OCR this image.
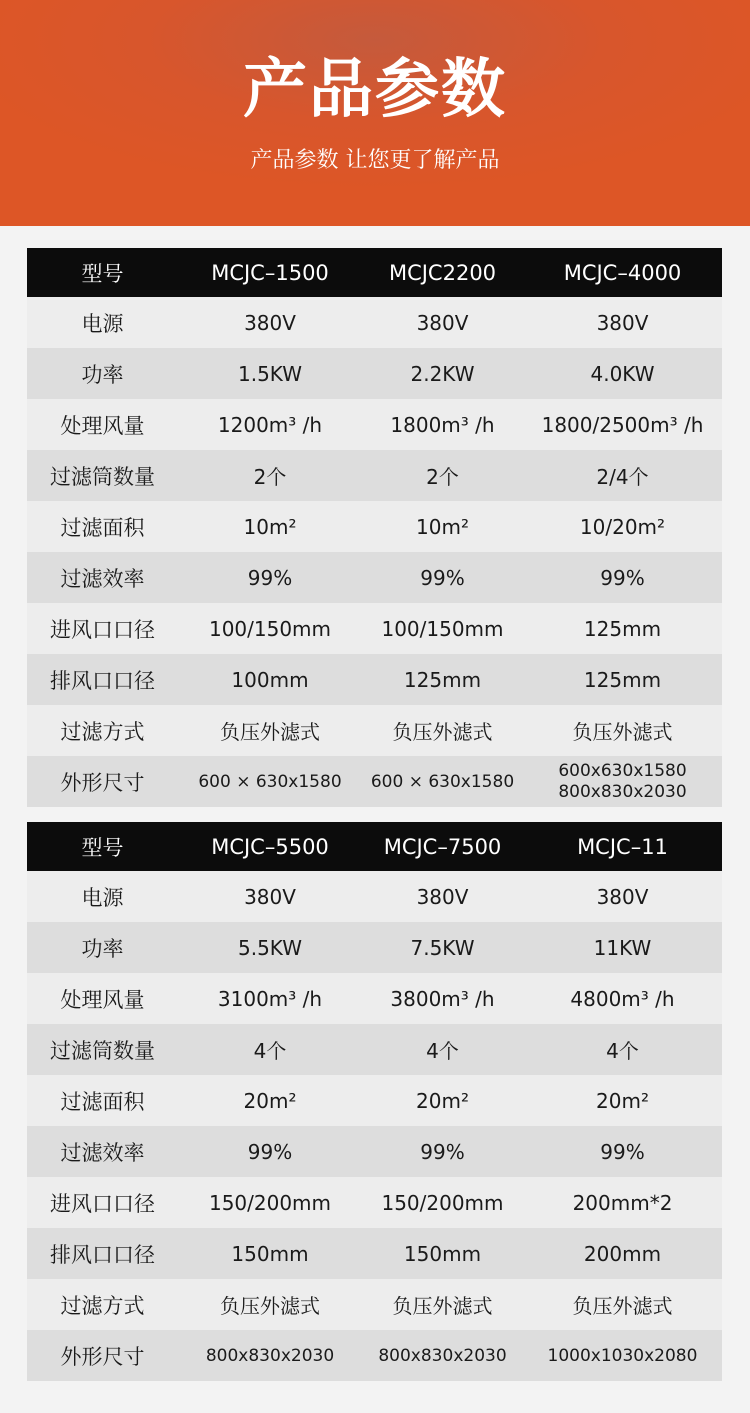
产品参数
产品参数 让您更了解产品
型号	MCJC–1500	MCJC2200	MCJC–4000
电源	380V	380V	380V
功率	1.5KW	2.2KW	4.0KW
处理风量	1200m³ /h	1800m³ /h	1800/2500m³ /h
过滤筒数量	2个	2个	2/4个
过滤面积	10m²	10m²	10/20m²
过滤效率	99%	99%	99%
进风口口径	100/150mm	100/150mm	125mm
排风口口径	100mm	125mm	125mm
过滤方式	负压外滤式	负压外滤式	负压外滤式
外形尺寸	600 × 630x1580	600 × 630x1580	600x630x1580
800x830x2030
型号	MCJC–5500	MCJC–7500	MCJC–11
电源	380V	380V	380V
功率	5.5KW	7.5KW	11KW
处理风量	3100m³ /h	3800m³ /h	4800m³ /h
过滤筒数量	4个	4个	4个
过滤面积	20m²	20m²	20m²
过滤效率	99%	99%	99%
进风口口径	150/200mm	150/200mm	200mm*2
排风口口径	150mm	150mm	200mm
过滤方式	负压外滤式	负压外滤式	负压外滤式
外形尺寸	800x830x2030	800x830x2030	1000x1030x2080
